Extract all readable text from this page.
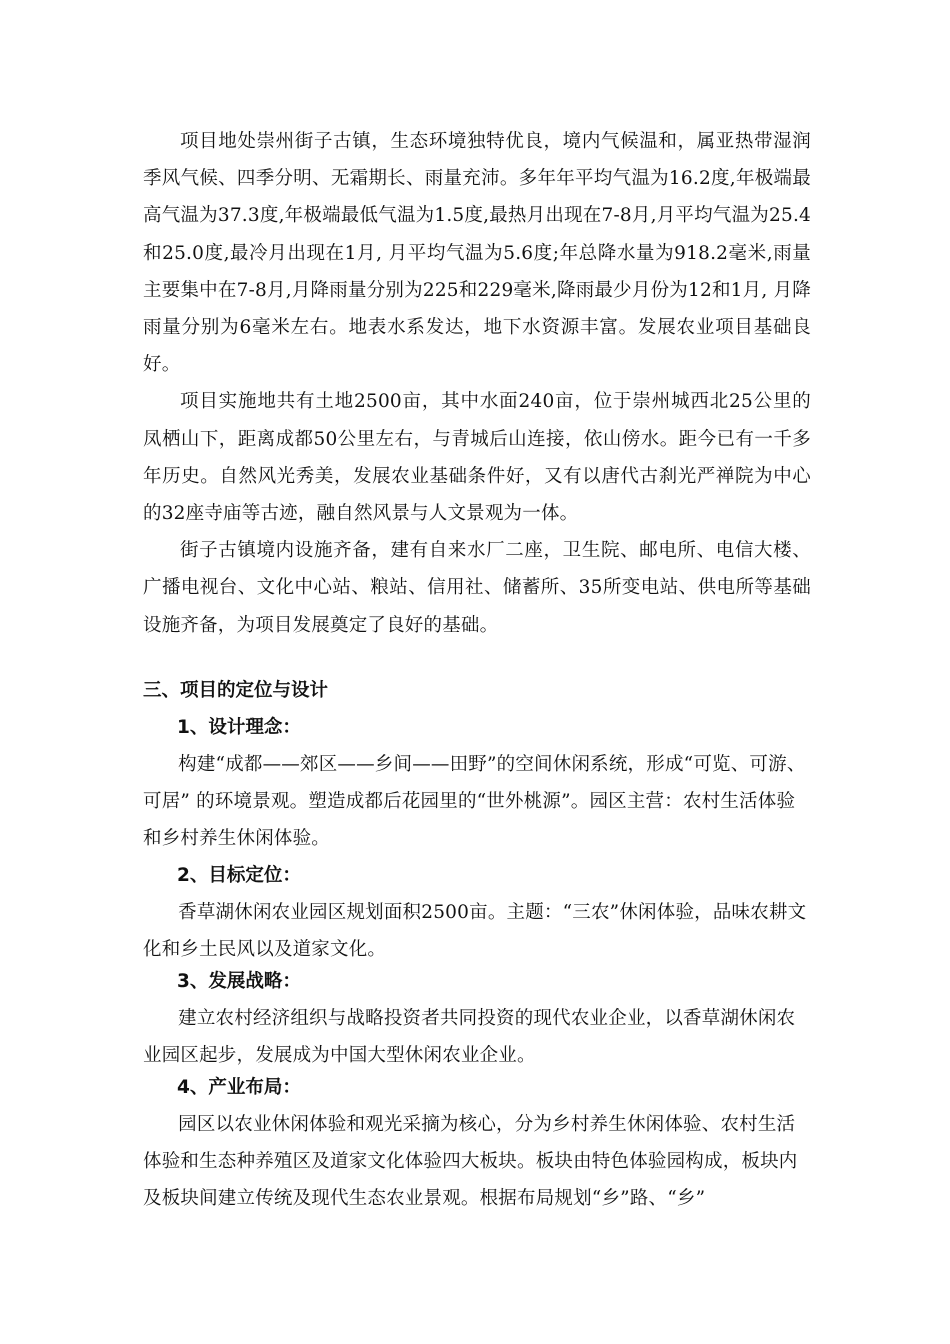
项目地处崇州街子古镇，生态环境独特优良，境内气候温和，属亚热带湿润季风气候、四季分明、无霜期长、雨量充沛。多年年平均气温为16.2度,年极端最高气温为37.3度,年极端最低气温为1.5度,最热月出现在7-8月,月平均气温为25.4和25.0度,最冷月出现在1月, 月平均气温为5.6度;年总降水量为918.2毫米,雨量主要集中在7-8月,月降雨量分别为225和229毫米,降雨最少月份为12和1月, 月降雨量分别为6毫米左右。地表水系发达，地下水资源丰富。发展农业项目基础良好。

项目实施地共有土地2500亩，其中水面240亩，位于崇州城西北25公里的凤栖山下，距离成都50公里左右，与青城后山连接，依山傍水。距今已有一千多年历史。自然风光秀美，发展农业基础条件好，又有以唐代古刹光严禅院为中心的32座寺庙等古迹，融自然风景与人文景观为一体。

街子古镇境内设施齐备，建有自来水厂二座，卫生院、邮电所、电信大楼、广播电视台、文化中心站、粮站、信用社、储蓄所、35所变电站、供电所等基础设施齐备，为项目发展奠定了良好的基础。

三、项目的定位与设计
1、设计理念：

构建“成都——郊区——乡间——田野”的空间休闲系统，形成“可览、可游、可居” 的环境景观。塑造成都后花园里的“世外桃源”。园区主营：农村生活体验和乡村养生休闲体验。

2、目标定位：

香草湖休闲农业园区规划面积2500亩。主题：“三农”休闲体验，品味农耕文化和乡土民风以及道家文化。

3、发展战略：

建立农村经济组织与战略投资者共同投资的现代农业企业，以香草湖休闲农业园区起步，发展成为中国大型休闲农业企业。

4、产业布局：

园区以农业休闲体验和观光采摘为核心，分为乡村养生休闲体验、农村生活体验和生态种养殖区及道家文化体验四大板块。板块由特色体验园构成，板块内及板块间建立传统及现代生态农业景观。根据布局规划“乡”路、“乡”
